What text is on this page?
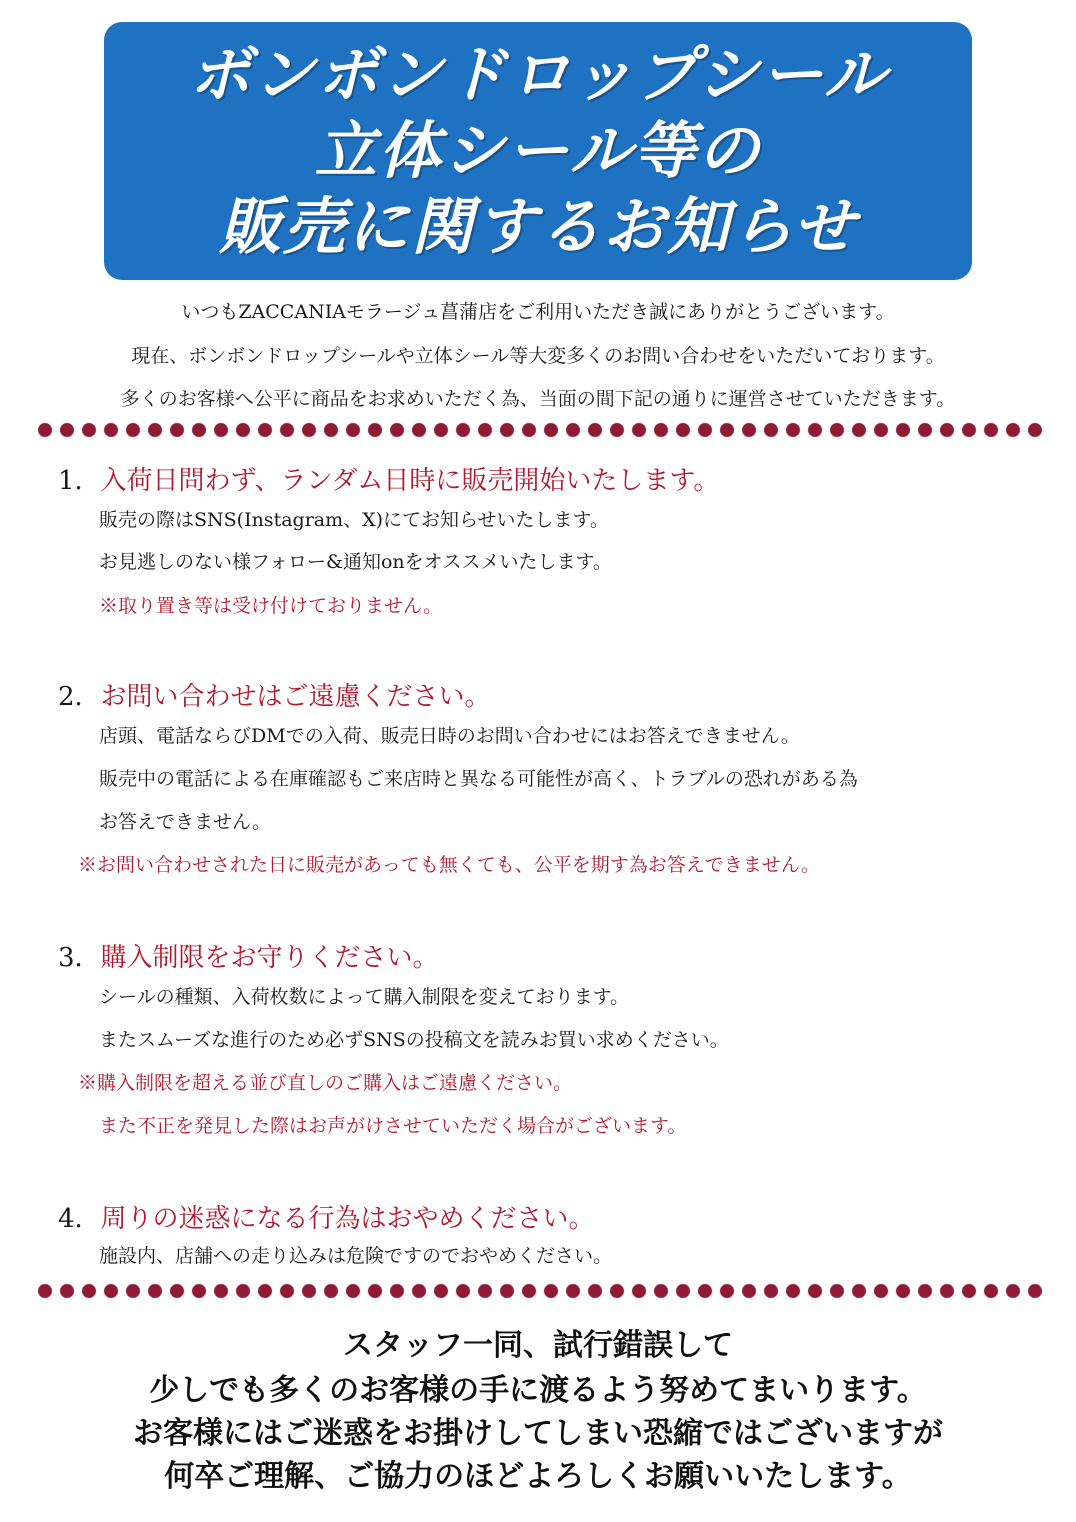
ボンボンドロップシール
立体シール等の
販売に関するお知らせ
いつもZACCANIAモラージュ菖蒲店をご利用いただき誠にありがとうございます。
現在、ボンボンドロップシールや立体シール等大変多くのお問い合わせをいただいております。
多くのお客様へ公平に商品をお求めいただく為、当面の間下記の通りに運営させていただきます。
1．入荷日問わず、ランダム日時に販売開始いたします。
販売の際はSNS(Instagram、X)にてお知らせいたします。
お見逃しのない様フォロー&通知onをオススメいたします。
※取り置き等は受け付けておりません。
2．お問い合わせはご遠慮ください。
店頭、電話ならびDMでの入荷、販売日時のお問い合わせにはお答えできません。
販売中の電話による在庫確認もご来店時と異なる可能性が高く、トラブルの恐れがある為
お答えできません。
※お問い合わせされた日に販売があっても無くても、公平を期す為お答えできません。
3．購入制限をお守りください。
シールの種類、入荷枚数によって購入制限を変えております。
またスムーズな進行のため必ずSNSの投稿文を読みお買い求めください。
※購入制限を超える並び直しのご購入はご遠慮ください。
また不正を発見した際はお声がけさせていただく場合がございます。
4．周りの迷惑になる行為はおやめください。
施設内、店舗への走り込みは危険ですのでおやめください。
スタッフ一同、試行錯誤して
少しでも多くのお客様の手に渡るよう努めてまいります。
お客様にはご迷惑をお掛けしてしまい恐縮ではございますが
何卒ご理解、ご協力のほどよろしくお願いいたします。
